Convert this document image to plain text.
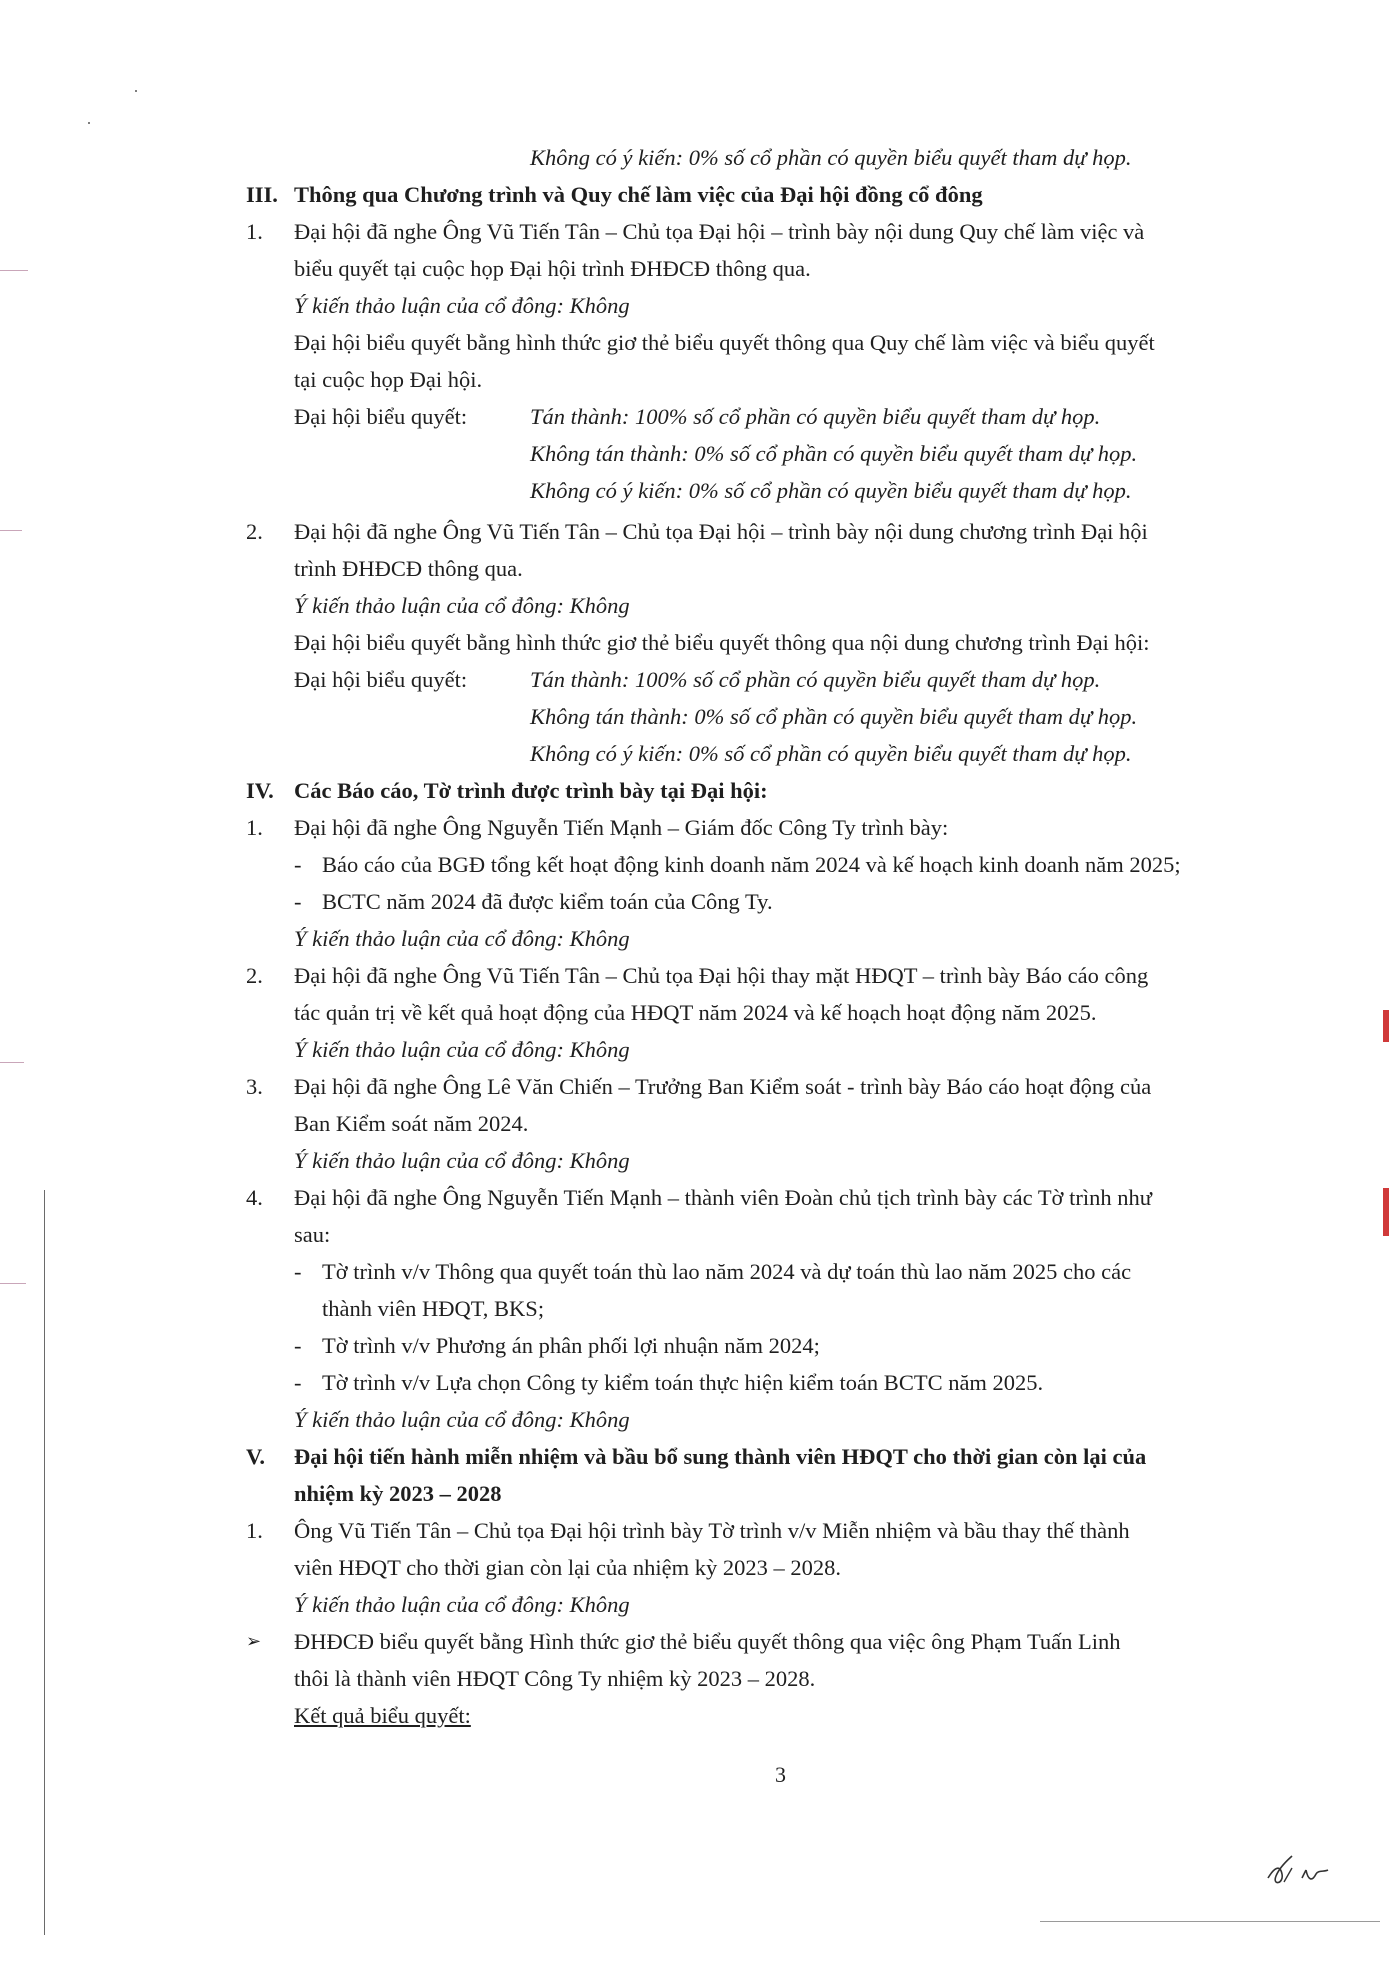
Không có ý kiến: 0% số cổ phần có quyền biểu quyết tham dự họp.
III. Thông qua Chương trình và Quy chế làm việc của Đại hội đồng cổ đông
1. Đại hội đã nghe Ông Vũ Tiến Tân – Chủ tọa Đại hội – trình bày nội dung Quy chế làm việc và
biểu quyết tại cuộc họp Đại hội trình ĐHĐCĐ thông qua.
Ý kiến thảo luận của cổ đông: Không
Đại hội biểu quyết bằng hình thức giơ thẻ biểu quyết thông qua Quy chế làm việc và biểu quyết
tại cuộc họp Đại hội.
Đại hội biểu quyết:	Tán thành: 100% số cổ phần có quyền biểu quyết tham dự họp.
Không tán thành: 0% số cổ phần có quyền biểu quyết tham dự họp.
Không có ý kiến: 0% số cổ phần có quyền biểu quyết tham dự họp.
2. Đại hội đã nghe Ông Vũ Tiến Tân – Chủ tọa Đại hội – trình bày nội dung chương trình Đại hội
trình ĐHĐCĐ thông qua.
Ý kiến thảo luận của cổ đông: Không
Đại hội biểu quyết bằng hình thức giơ thẻ biểu quyết thông qua nội dung chương trình Đại hội:
Đại hội biểu quyết:	Tán thành: 100% số cổ phần có quyền biểu quyết tham dự họp.
Không tán thành: 0% số cổ phần có quyền biểu quyết tham dự họp.
Không có ý kiến: 0% số cổ phần có quyền biểu quyết tham dự họp.
IV. Các Báo cáo, Tờ trình được trình bày tại Đại hội:
1. Đại hội đã nghe Ông Nguyễn Tiến Mạnh – Giám đốc Công Ty trình bày:
- Báo cáo của BGĐ tổng kết hoạt động kinh doanh năm 2024 và kế hoạch kinh doanh năm 2025;
- BCTC năm 2024 đã được kiểm toán của Công Ty.
Ý kiến thảo luận của cổ đông: Không
2. Đại hội đã nghe Ông Vũ Tiến Tân – Chủ tọa Đại hội thay mặt HĐQT – trình bày Báo cáo công
tác quản trị về kết quả hoạt động của HĐQT năm 2024 và kế hoạch hoạt động năm 2025.
Ý kiến thảo luận của cổ đông: Không
3. Đại hội đã nghe Ông Lê Văn Chiến – Trưởng Ban Kiểm soát - trình bày Báo cáo hoạt động của
Ban Kiểm soát năm 2024.
Ý kiến thảo luận của cổ đông: Không
4. Đại hội đã nghe Ông Nguyễn Tiến Mạnh – thành viên Đoàn chủ tịch trình bày các Tờ trình như
sau:
- Tờ trình v/v Thông qua quyết toán thù lao năm 2024 và dự toán thù lao năm 2025 cho các
thành viên HĐQT, BKS;
- Tờ trình v/v Phương án phân phối lợi nhuận năm 2024;
- Tờ trình v/v Lựa chọn Công ty kiểm toán thực hiện kiểm toán BCTC năm 2025.
Ý kiến thảo luận của cổ đông: Không
V. Đại hội tiến hành miễn nhiệm và bầu bổ sung thành viên HĐQT cho thời gian còn lại của
nhiệm kỳ 2023 – 2028
1. Ông Vũ Tiến Tân – Chủ tọa Đại hội trình bày Tờ trình v/v Miễn nhiệm và bầu thay thế thành
viên HĐQT cho thời gian còn lại của nhiệm kỳ 2023 – 2028.
Ý kiến thảo luận của cổ đông: Không
➢ ĐHĐCĐ biểu quyết bằng Hình thức giơ thẻ biểu quyết thông qua việc ông Phạm Tuấn Linh
thôi là thành viên HĐQT Công Ty nhiệm kỳ 2023 – 2028.
Kết quả biểu quyết:
3
